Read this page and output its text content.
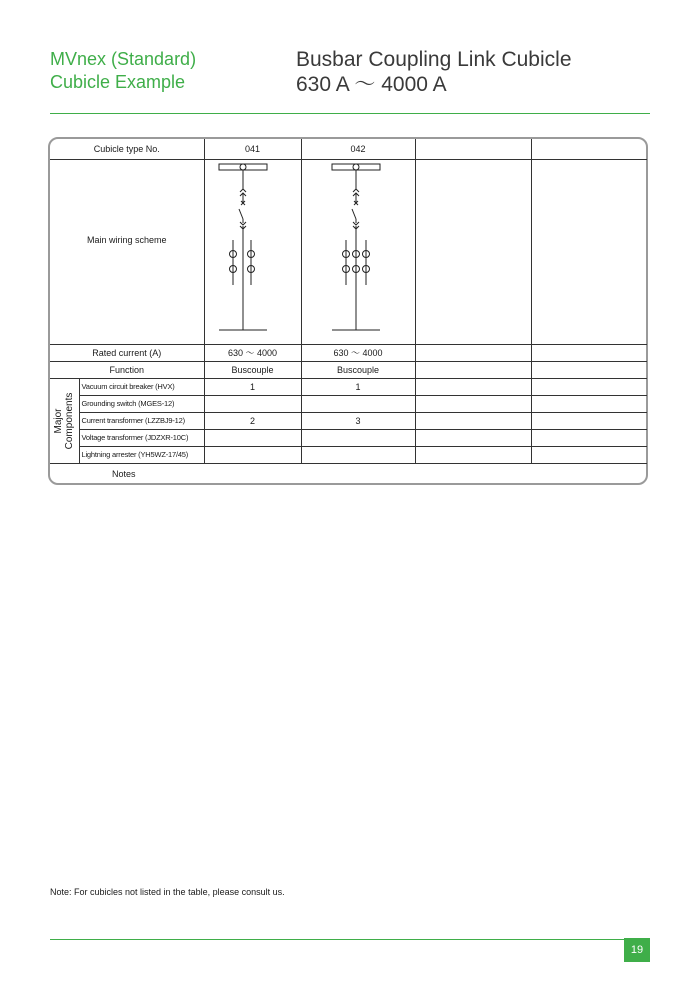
MVnex (Standard)
Cubicle Example
Busbar Coupling Link Cubicle
630 A ～ 4000 A
Cubicle type No.		041	042		
Main wiring scheme	

Rated current (A)		630 ～ 4000	630 ～ 4000		
Function		Buscouple	Buscouple		

Major Components	Vacuum circuit breaker (HVX)	1	1		
	Grounding switch (MGES-12)				
	Current transformer (LZZBJ9-12)	2	3		
	Voltage transformer (JDZXR-10C)				
	Lightning arrester (YH5WZ-17/45)				
Notes					
Note: For cubicles not listed in the table, please consult us.
19
